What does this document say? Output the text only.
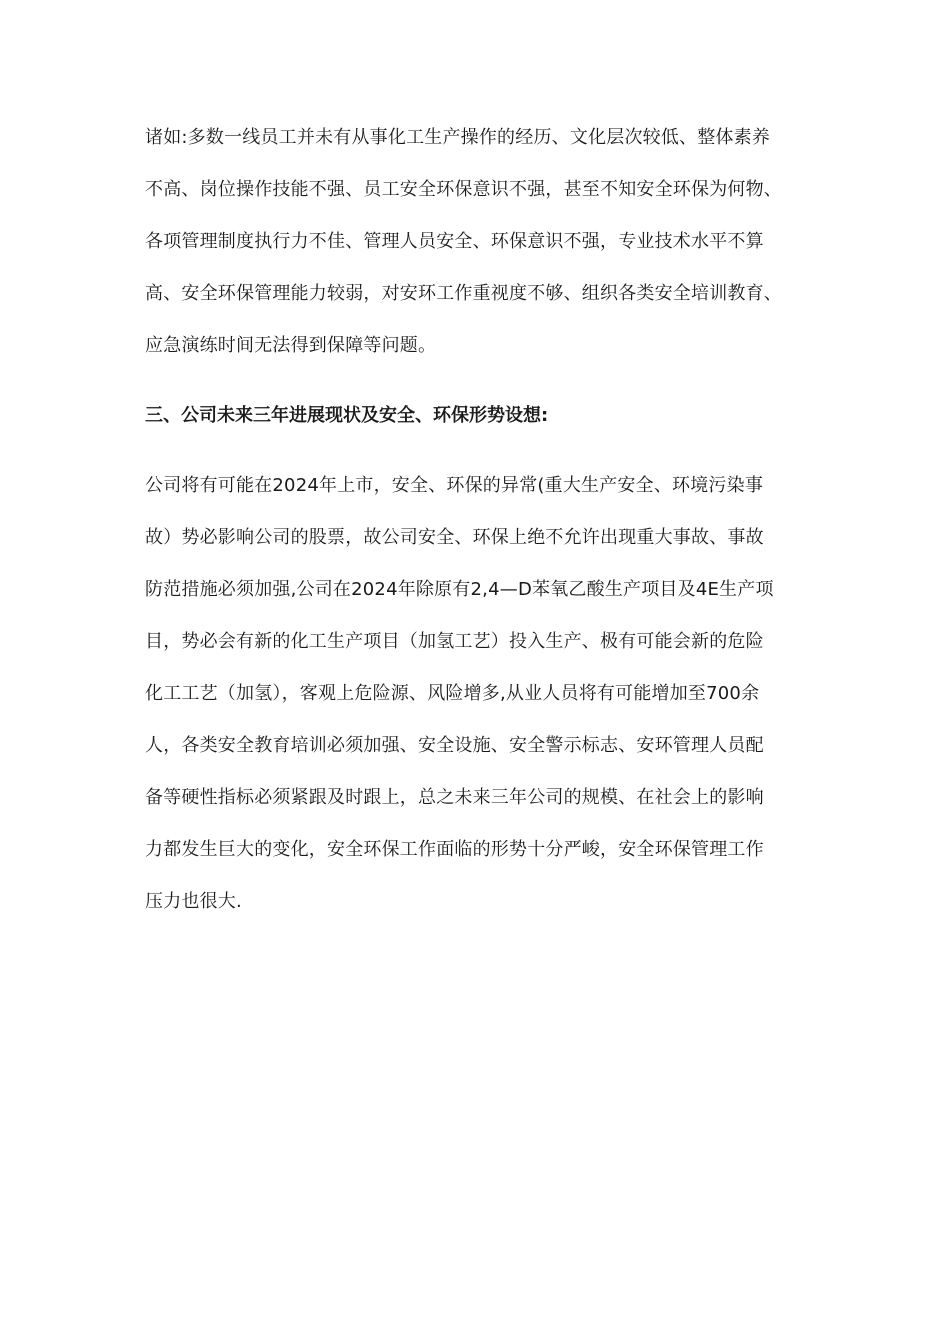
诸如:多数一线员工并未有从事化工生产操作的经历、文化层次较低、整体素养
不高、岗位操作技能不强、员工安全环保意识不强，甚至不知安全环保为何物、
各项管理制度执行力不佳、管理人员安全、环保意识不强，专业技术水平不算
高、安全环保管理能力较弱，对安环工作重视度不够、组织各类安全培训教育、
应急演练时间无法得到保障等问题。
三、公司未来三年进展现状及安全、环保形势设想:
公司将有可能在2024年上市，安全、环保的异常(重大生产安全、环境污染事
故）势必影响公司的股票，故公司安全、环保上绝不允许出现重大事故、事故
防范措施必须加强,公司在2024年除原有2,4—D苯氧乙酸生产项目及4E生产项
目，势必会有新的化工生产项目（加氢工艺）投入生产、极有可能会新的危险
化工工艺（加氢），客观上危险源、风险增多,从业人员将有可能增加至700余
人，各类安全教育培训必须加强、安全设施、安全警示标志、安环管理人员配
备等硬性指标必须紧跟及时跟上，总之未来三年公司的规模、在社会上的影响
力都发生巨大的变化，安全环保工作面临的形势十分严峻，安全环保管理工作
压力也很大.
